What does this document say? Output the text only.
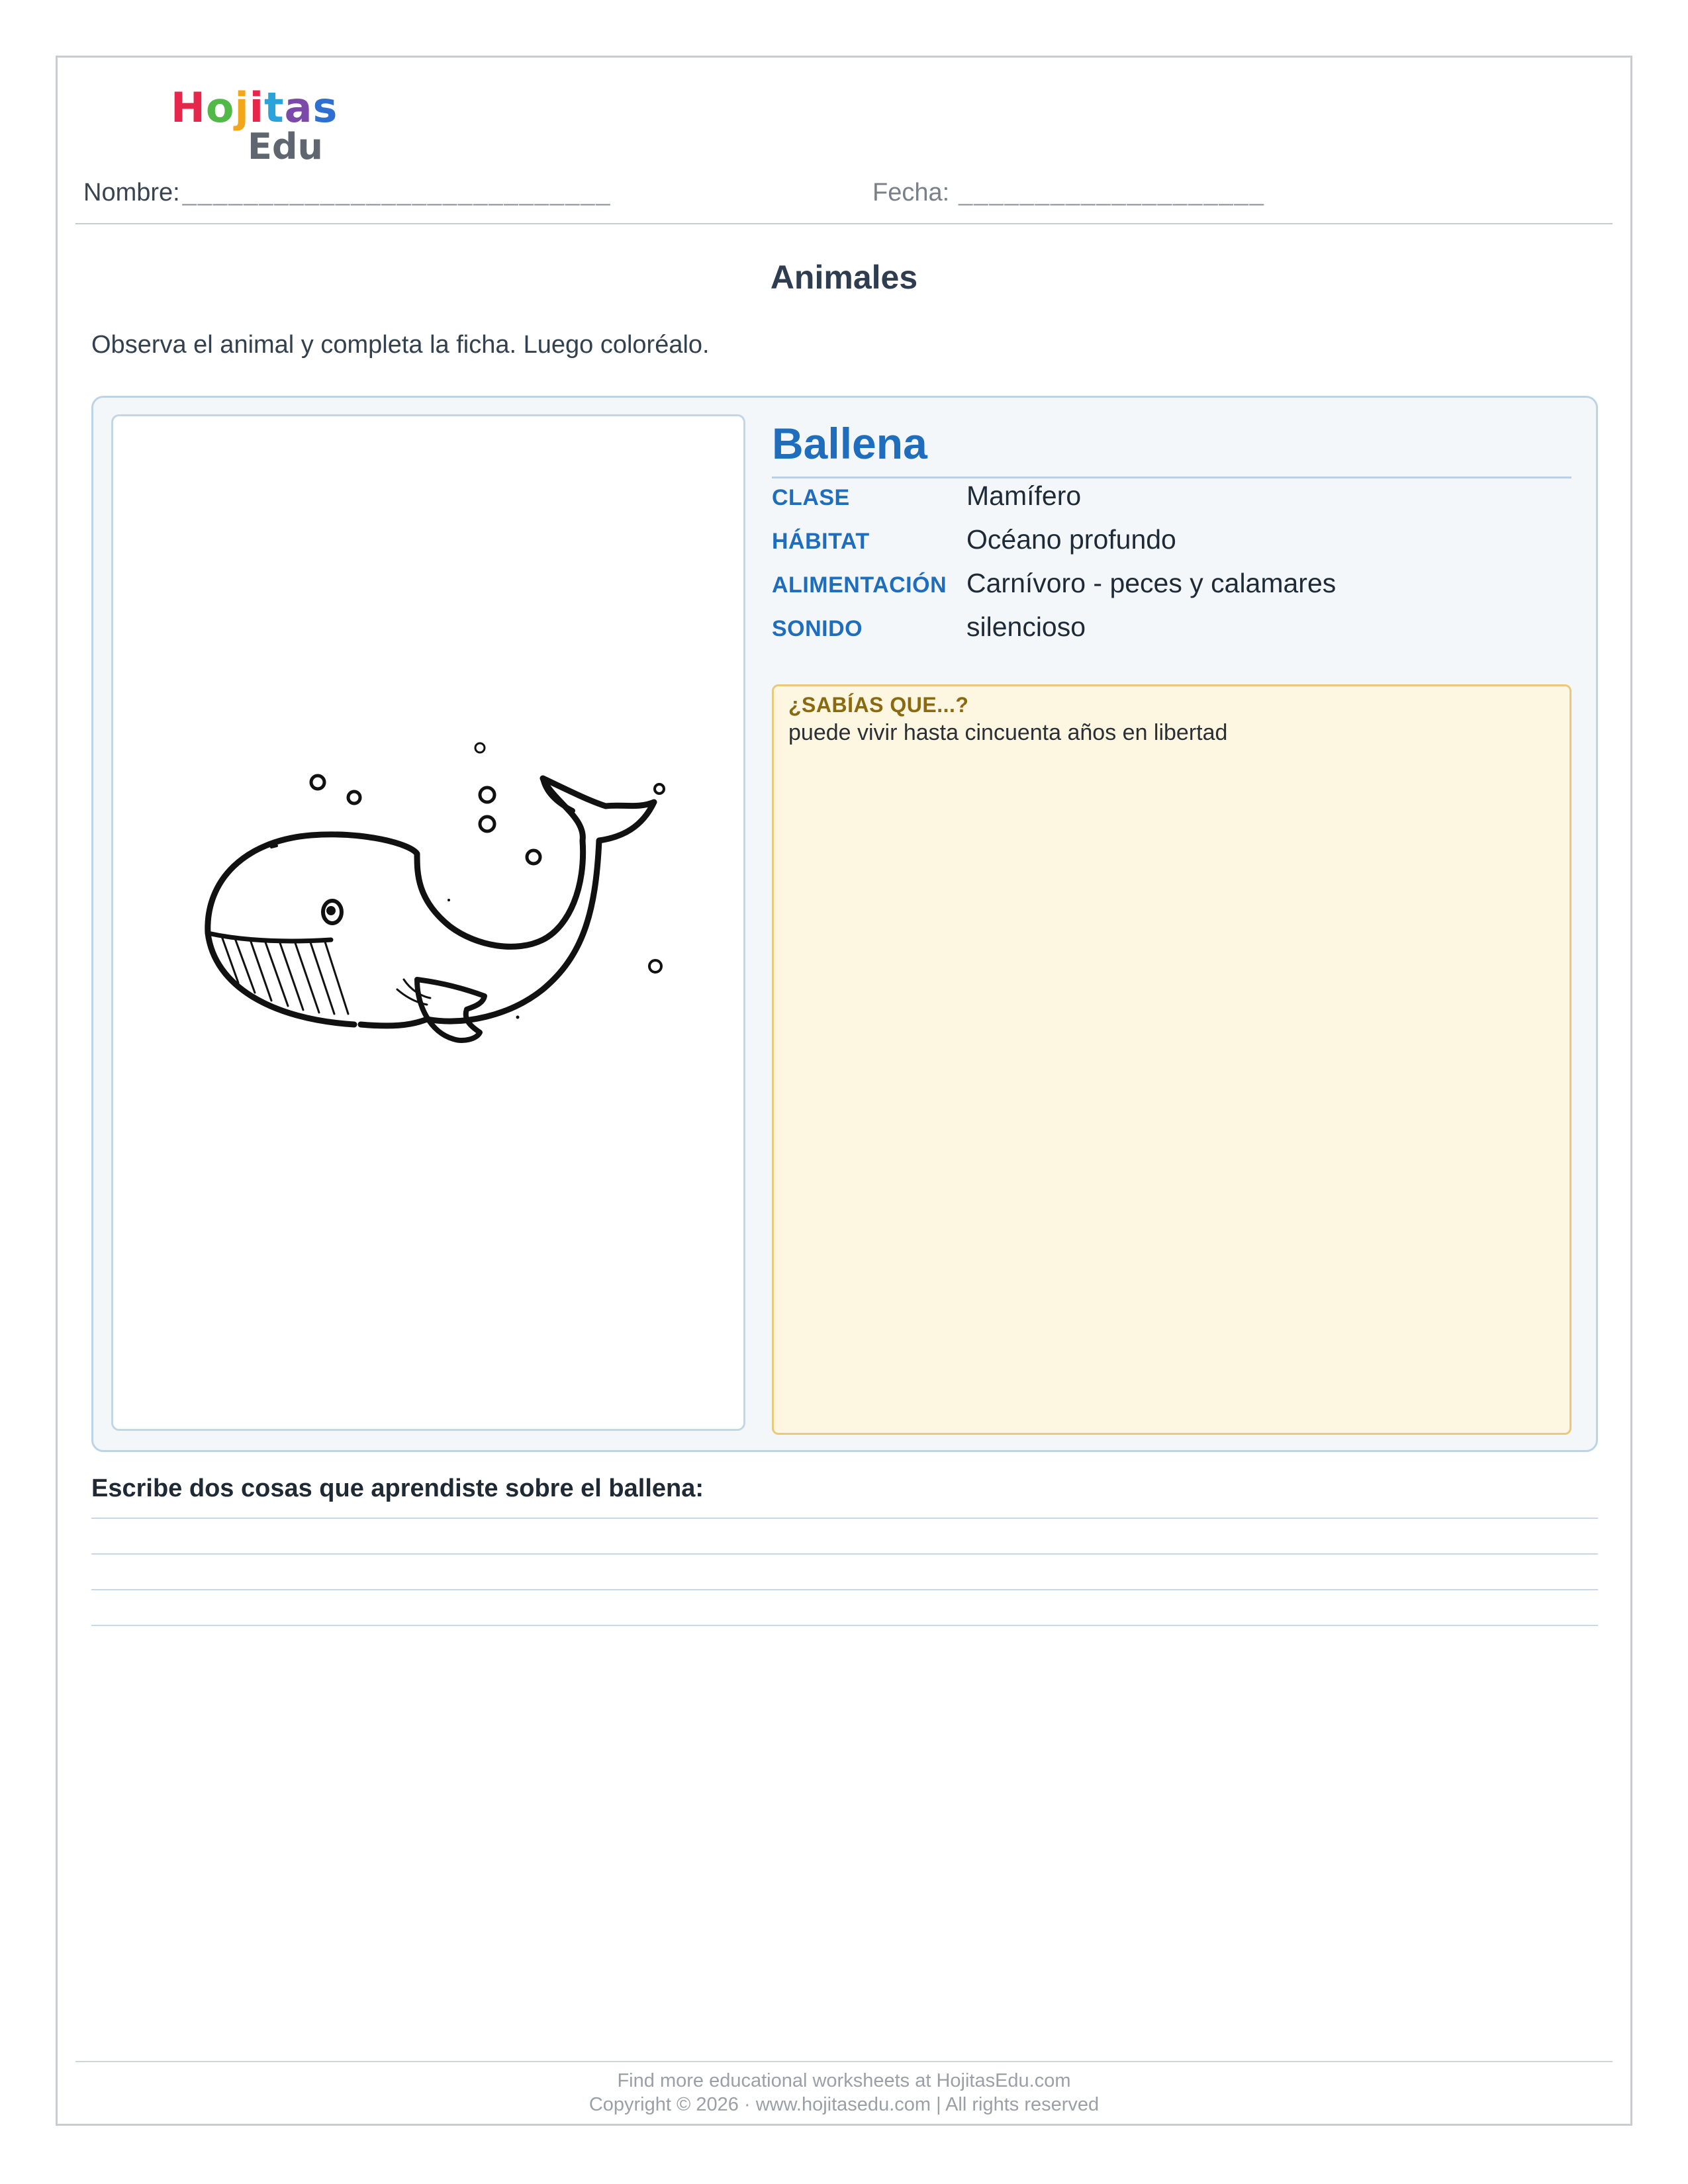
H o j i t a s
Edu
Nombre: ____________________________	Fecha: ____________________
Animales
Observa el animal y completa la ficha. Luego coloréalo.
Ballena
CLASE	Mamífero
HÁBITAT	Océano profundo
ALIMENTACIÓN Carnívoro - peces y calamares
SONIDO	silencioso
¿SABÍAS QUE...?
puede vivir hasta cincuenta años en libertad
Escribe dos cosas que aprendiste sobre el ballena:
Find more educational worksheets at HojitasEdu.com
Copyright © 2026 · www.hojitasedu.com | All rights reserved
